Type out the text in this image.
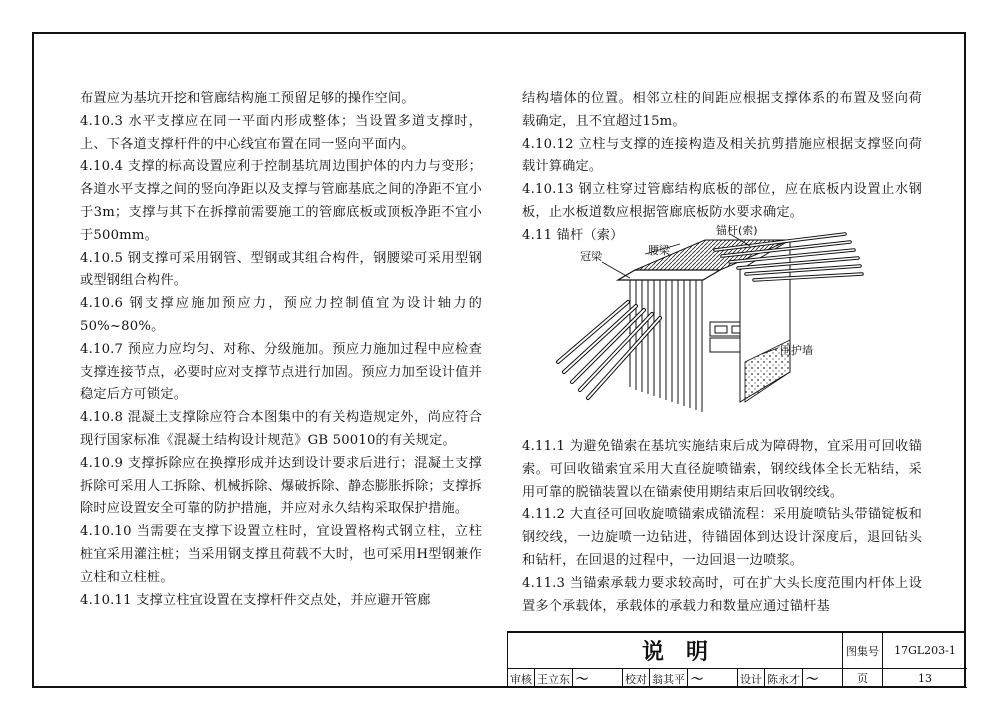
布置应为基坑开挖和管廊结构施工预留足够的操作空间。

4.10.3 水平支撑应在同一平面内形成整体；当设置多道支撑时，上、下各道支撑杆件的中心线宜布置在同一竖向平面内。

4.10.4 支撑的标高设置应利于控制基坑周边围护体的内力与变形；各道水平支撑之间的竖向净距以及支撑与管廊基底之间的净距不宜小于3m；支撑与其下在拆撑前需要施工的管廊底板或顶板净距不宜小于500mm。

4.10.5 钢支撑可采用钢管、型钢或其组合构件，钢腰梁可采用型钢或型钢组合构件。

4.10.6 钢支撑应施加预应力，预应力控制值宜为设计轴力的50%~80%。

4.10.7 预应力应均匀、对称、分级施加。预应力施加过程中应检查支撑连接节点，必要时应对支撑节点进行加固。预应力加至设计值并稳定后方可锁定。

4.10.8 混凝土支撑除应符合本图集中的有关构造规定外，尚应符合现行国家标准《混凝土结构设计规范》GB 50010的有关规定。

4.10.9 支撑拆除应在换撑形成并达到设计要求后进行；混凝土支撑拆除可采用人工拆除、机械拆除、爆破拆除、静态膨胀拆除；支撑拆除时应设置安全可靠的防护措施，并应对永久结构采取保护措施。

4.10.10 当需要在支撑下设置立柱时，宜设置格构式钢立柱，立柱桩宜采用灌注桩；当采用钢支撑且荷载不大时，也可采用H型钢兼作立柱和立柱桩。

4.10.11 支撑立柱宜设置在支撑杆件交点处，并应避开管廊

结构墙体的位置。相邻立柱的间距应根据支撑体系的布置及竖向荷载确定，且不宜超过15m。

4.10.12 立柱与支撑的连接构造及相关抗剪措施应根据支撑竖向荷载计算确定。

4.10.13 钢立柱穿过管廊结构底板的部位，应在底板内设置止水钢板，止水板道数应根据管廊底板防水要求确定。

4.11 锚杆（索）

4.11.1 为避免锚索在基坑实施结束后成为障碍物，宜采用可回收锚索。可回收锚索宜采用大直径旋喷锚索，钢绞线体全长无粘结，采用可靠的脱锚装置以在锚索使用期结束后回收钢绞线。

4.11.2 大直径可回收旋喷锚索成锚流程：采用旋喷钻头带锚锭板和钢绞线，一边旋喷一边钻进，待锚固体到达设计深度后，退回钻头和钻杆，在回退的过程中，一边回退一边喷浆。

4.11.3 当锚索承载力要求较高时，可在扩大头长度范围内杆体上设置多个承载体，承载体的承载力和数量应通过锚杆基

冠梁	腰梁
锚杆(索)
围护墙
说明	图集号	17GL203-1
审核 王立东 〜	校对 翁其平 〜	设计 陈永才 〜	页	13
